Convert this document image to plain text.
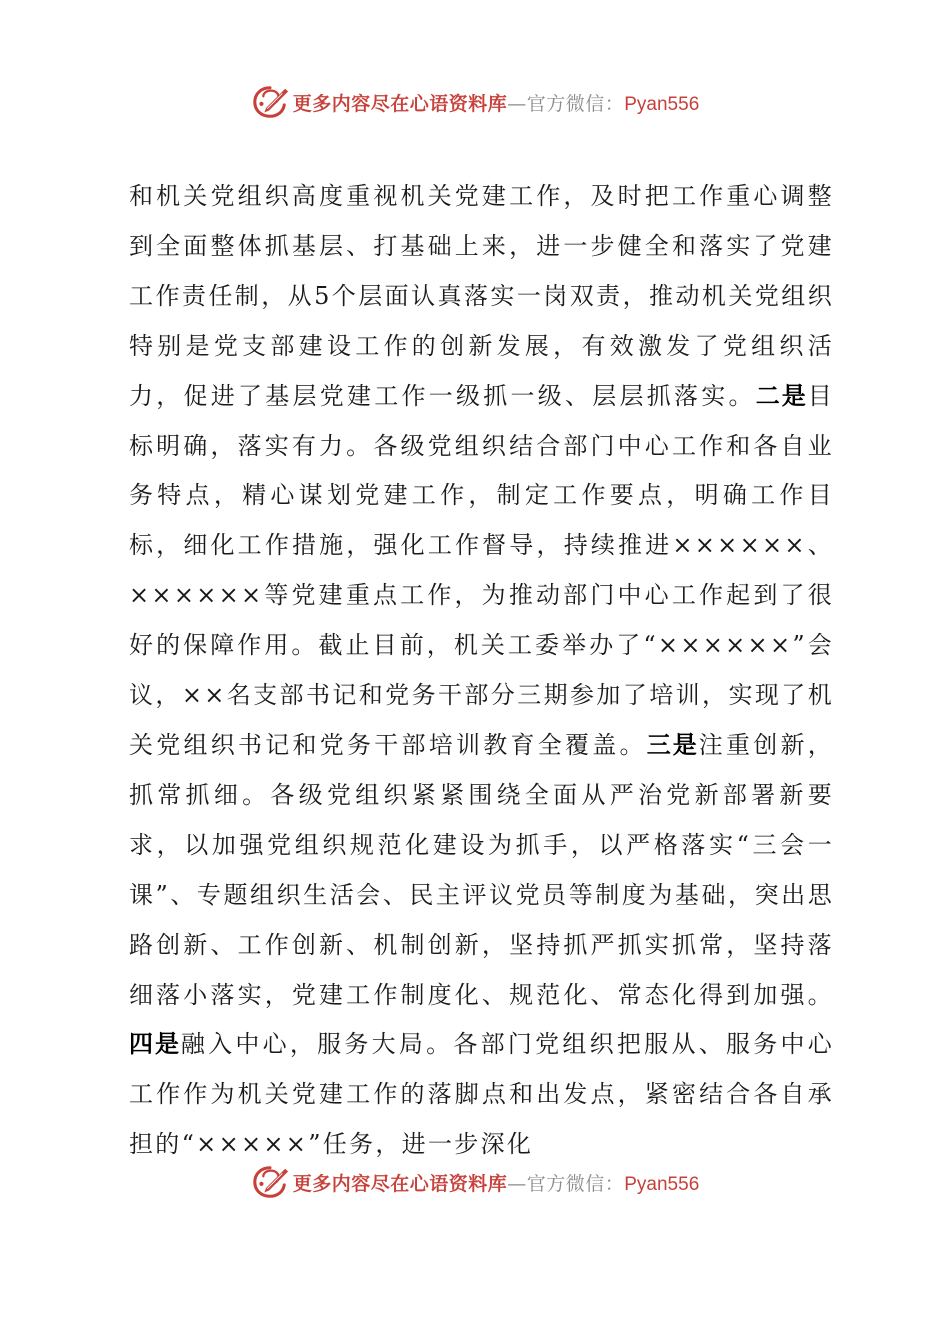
更多内容尽在心语资料库—官方微信：Pyan556

和机关党组织高度重视机关党建工作，及时把工作重心调整到全面整体抓基层、打基础上来，进一步健全和落实了党建工作责任制，从5个层面认真落实一岗双责，推动机关党组织特别是党支部建设工作的创新发展，有效激发了党组织活力，促进了基层党建工作一级抓一级、层层抓落实。二是目标明确，落实有力。各级党组织结合部门中心工作和各自业务特点，精心谋划党建工作，制定工作要点，明确工作目标，细化工作措施，强化工作督导，持续推进××××××、××××××等党建重点工作，为推动部门中心工作起到了很好的保障作用。截止目前，机关工委举办了“××××××”会议，××名支部书记和党务干部分三期参加了培训，实现了机关党组织书记和党务干部培训教育全覆盖。三是注重创新，抓常抓细。各级党组织紧紧围绕全面从严治党新部署新要求，以加强党组织规范化建设为抓手，以严格落实“三会一课”、专题组织生活会、民主评议党员等制度为基础，突出思路创新、工作创新、机制创新，坚持抓严抓实抓常，坚持落细落小落实，党建工作制度化、规范化、常态化得到加强。四是融入中心，服务大局。各部门党组织把服从、服务中心工作作为机关党建工作的落脚点和出发点，紧密结合各自承担的“×××××”任务，进一步深化

更多内容尽在心语资料库—官方微信：Pyan556
